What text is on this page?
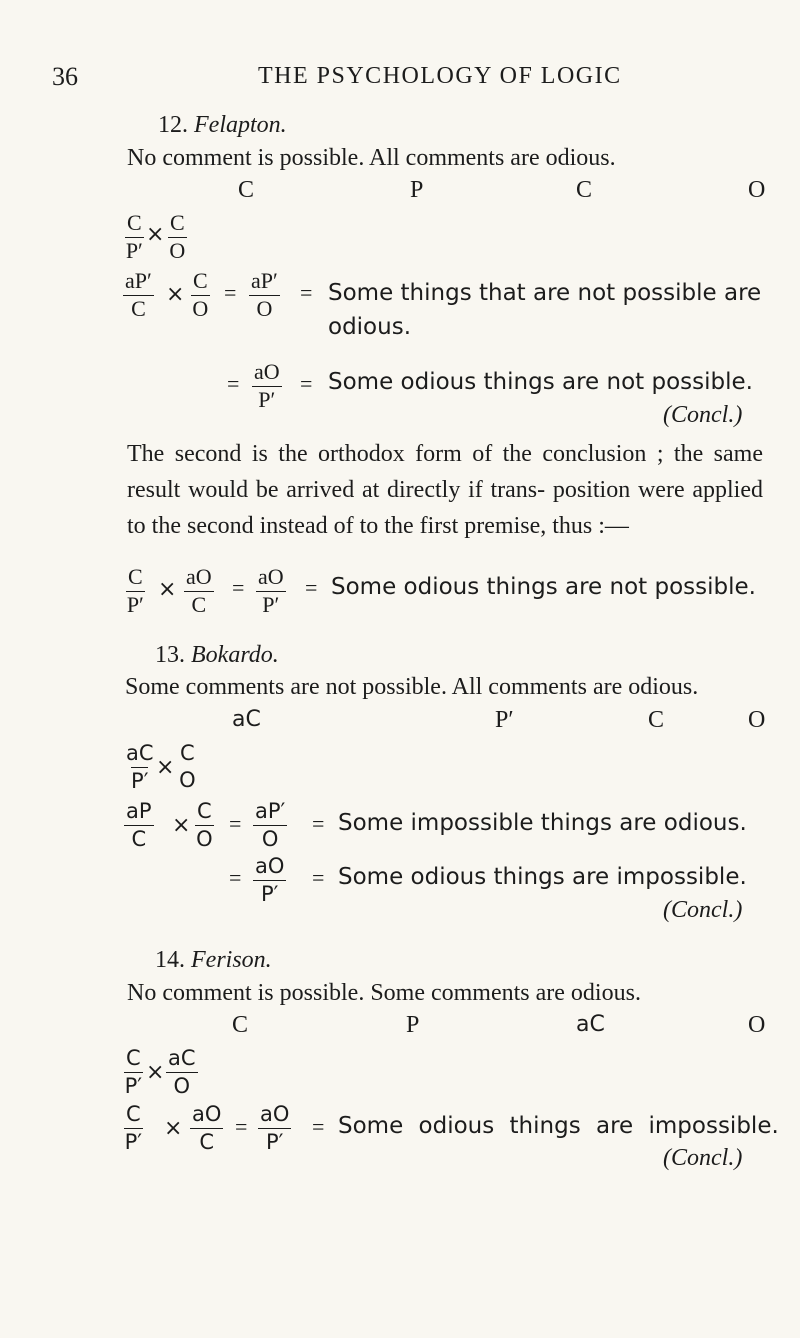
36	THE PSYCHOLOGY OF LOGIC
12. Felapton.
No comment is possible. All comments are odious.
C	P	C	O
$\frac{C}{P'} \times \frac{C}{O}$
$\frac{aP'}{C} \times \frac{C}{O} = \frac{aP'}{O}$ = Some things that are not possible are
odious.
= $\frac{aO}{P'}$ = Some odious things are not possible.
(Concl.)
The second is the orthodox form of the conclusion ; the same result would be arrived at directly if trans- position were applied to the second instead of to the first premise, thus :—
$\frac{C}{P'} \times \frac{aO}{C} = \frac{aO}{P'}$ = Some odious things are not possible.
13. Bokardo.
Some comments are not possible. All comments are odious.
aC	P′	C	O
$\frac{aC}{P'}$ ×
C
O
$\frac{aP}{C} \times \frac{C}{O} = \frac{aP'}{O}$ = Some impossible things are odious.
= $\frac{aO}{P'}$ = Some odious things are impossible.
(Concl.)
14. Ferison.
No comment is possible. Some comments are odious.
C	P	aC	O
$\frac{C}{P'} \times \frac{aC}{O}$
$\frac{C}{P'} \times \frac{aO}{C} = \frac{aO}{P'}$ = Some odious things are impossible.
(Concl.)
